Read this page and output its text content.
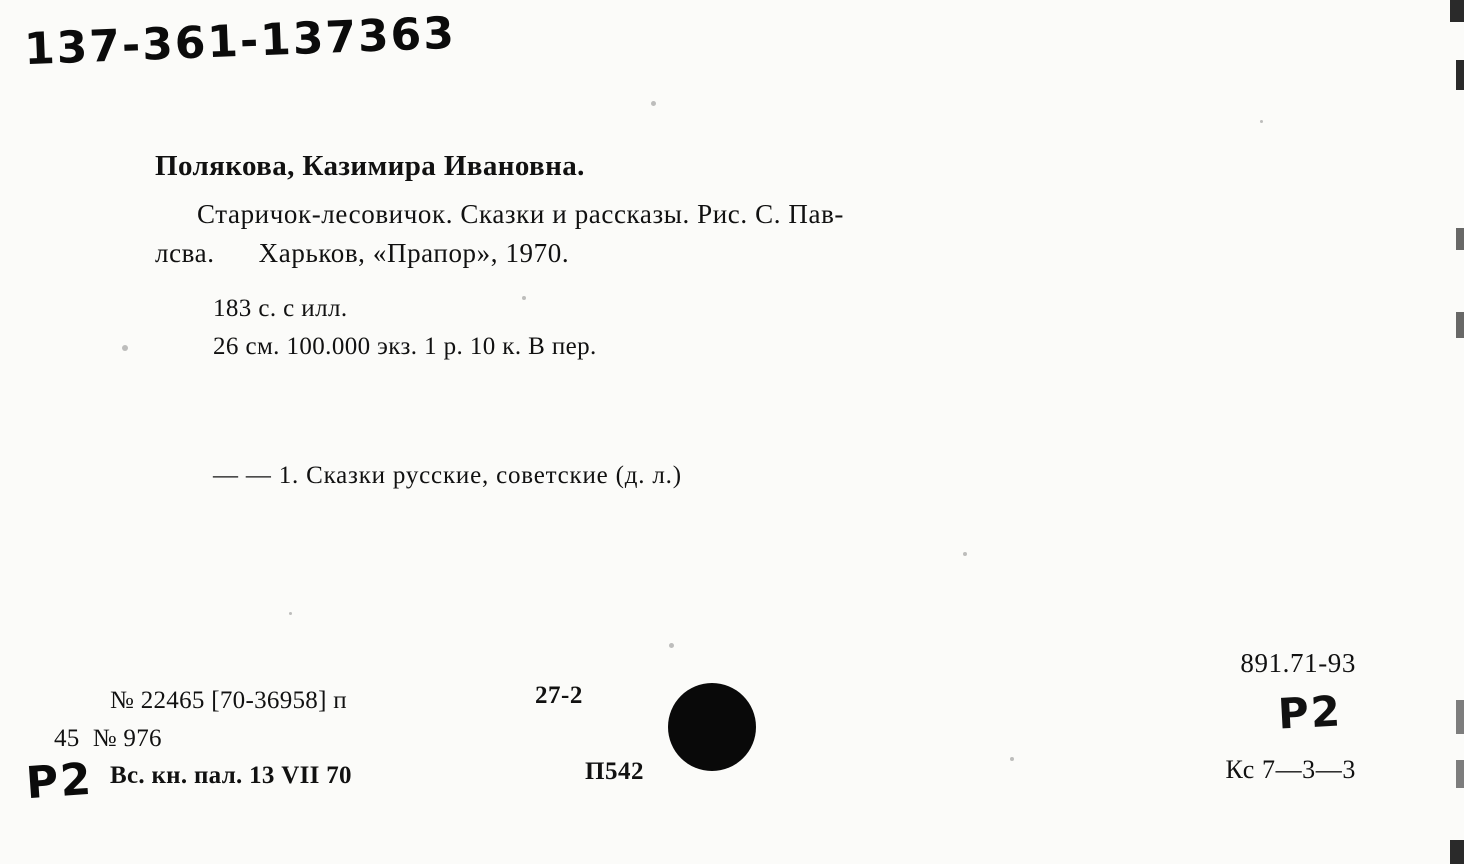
137-361-137363
Полякова, Казимира Ивановна.
Старичок-лесовичок. Сказки и рассказы. Рис. С. Пав-
лсва.      Харьков, «Прапор», 1970.
183 с. с илл.
26 см. 100.000 экз. 1 р. 10 к. В пер.
— — 1. Сказки русские, советские (д. л.)
Р2
№ 22465 [70-36958] п
45  № 976
Вс. кн. пал. 13 VII 70
27-2
П542
891.71-93
Р2
Кс 7—3—3
